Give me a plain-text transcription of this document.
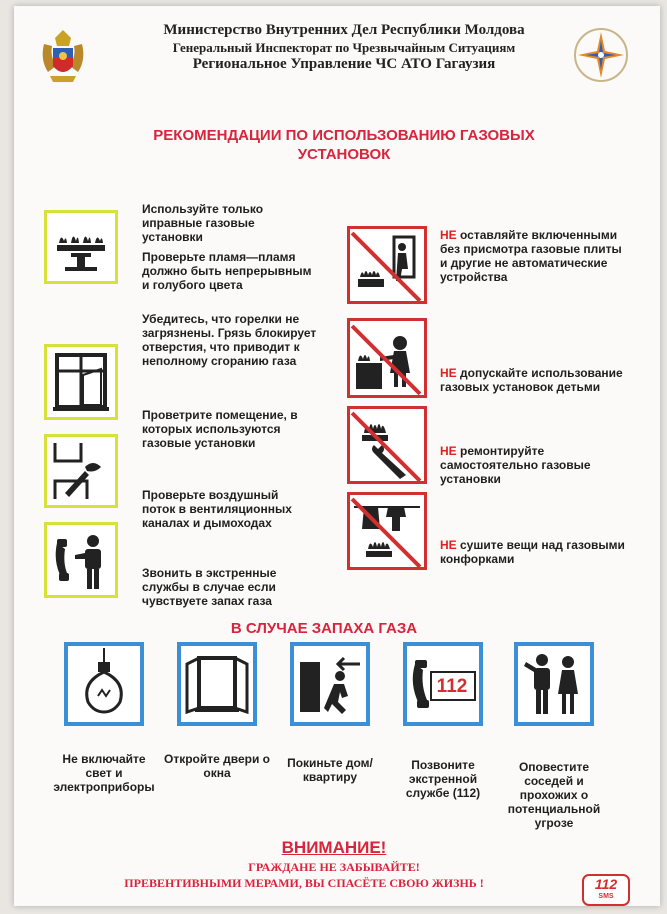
Министерство Внутренних Дел Республики Молдова
Генеральный Инспекторат по Чрезвычайным Ситуациям
Региональное Управление ЧС АТО Гагаузия
РЕКОМЕНДАЦИИ ПО ИСПОЛЬЗОВАНИЮ ГАЗОВЫХ
УСТАНОВОК
Используйте только иправные газовые установки
Проверьте пламя—пламя должно быть непрерывным и голубого цвета
Убедитесь, что горелки не загрязнены. Грязь блокирует отверстия, что приводит к неполному сгоранию газа
Проветрите помещение, в которых используются газовые установки
Проверьте воздушный поток в вентиляционных каналах и дымоходах
Звонить в экстренные службы в случае если чувствуете запах газа
НЕ оставляйте включенными без присмотра газовые плиты и другие не автоматические устройства
НЕ допускайте использование газовых установок детьми
НЕ ремонтируйте самостоятельно газовые установки
НЕ сушите вещи над газовыми конфорками
В СЛУЧАЕ ЗАПАХА ГАЗА
112
Не включайте свет и электроприборы
Откройте двери о окна
Покиньте дом/квартиру
Позвоните экстренной службе (112)
Оповестите соседей и прохожих о потенциальной угрозе
ВНИМАНИЕ!
ГРАЖДАНЕ НЕ ЗАБЫВАЙТЕ!
ПРЕВЕНТИВНЫМИ МЕРАМИ, ВЫ СПАСЁТЕ СВОЮ ЖИЗНЬ !	112
SMS
